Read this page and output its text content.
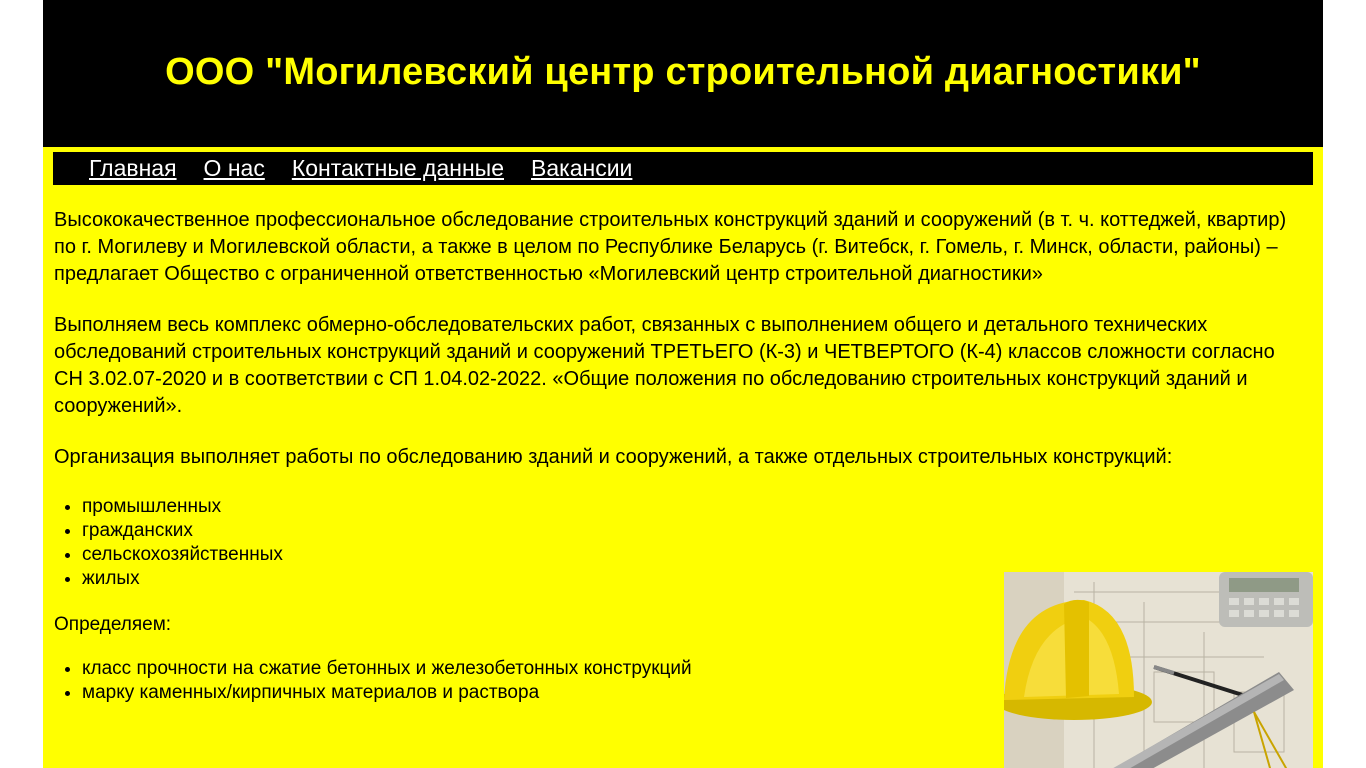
ООО "Могилевский центр строительной диагностики"
Главная О нас Контактные данные Вакансии

Высококачественное профессиональное обследование строительных конструкций зданий и сооружений (в т. ч. коттеджей, квартир) по г. Могилеву и Могилевской области, а также в целом по Республике Беларусь (г. Витебск, г. Гомель, г. Минск, области, районы) – предлагает Общество с ограниченной ответственностью «Могилевский центр строительной диагностики»

Выполняем весь комплекс обмерно-обследовательских работ, связанных с выполнением общего и детального технических обследований строительных конструкций зданий и сооружений ТРЕТЬЕГО (К-3) и ЧЕТВЕРТОГО (К-4) классов сложности согласно СН 3.02.07-2020 и в соответствии с СП 1.04.02-2022. «Общие положения по обследованию строительных конструкций зданий и сооружений».

Организация выполняет работы по обследованию зданий и сооружений, а также отдельных строительных конструкций:

• промышленных
• гражданских
• сельскохозяйственных
• жилых

Определяем:

• класс прочности на сжатие бетонных и железобетонных конструкций
• марку каменных/кирпичных материалов и раствора
